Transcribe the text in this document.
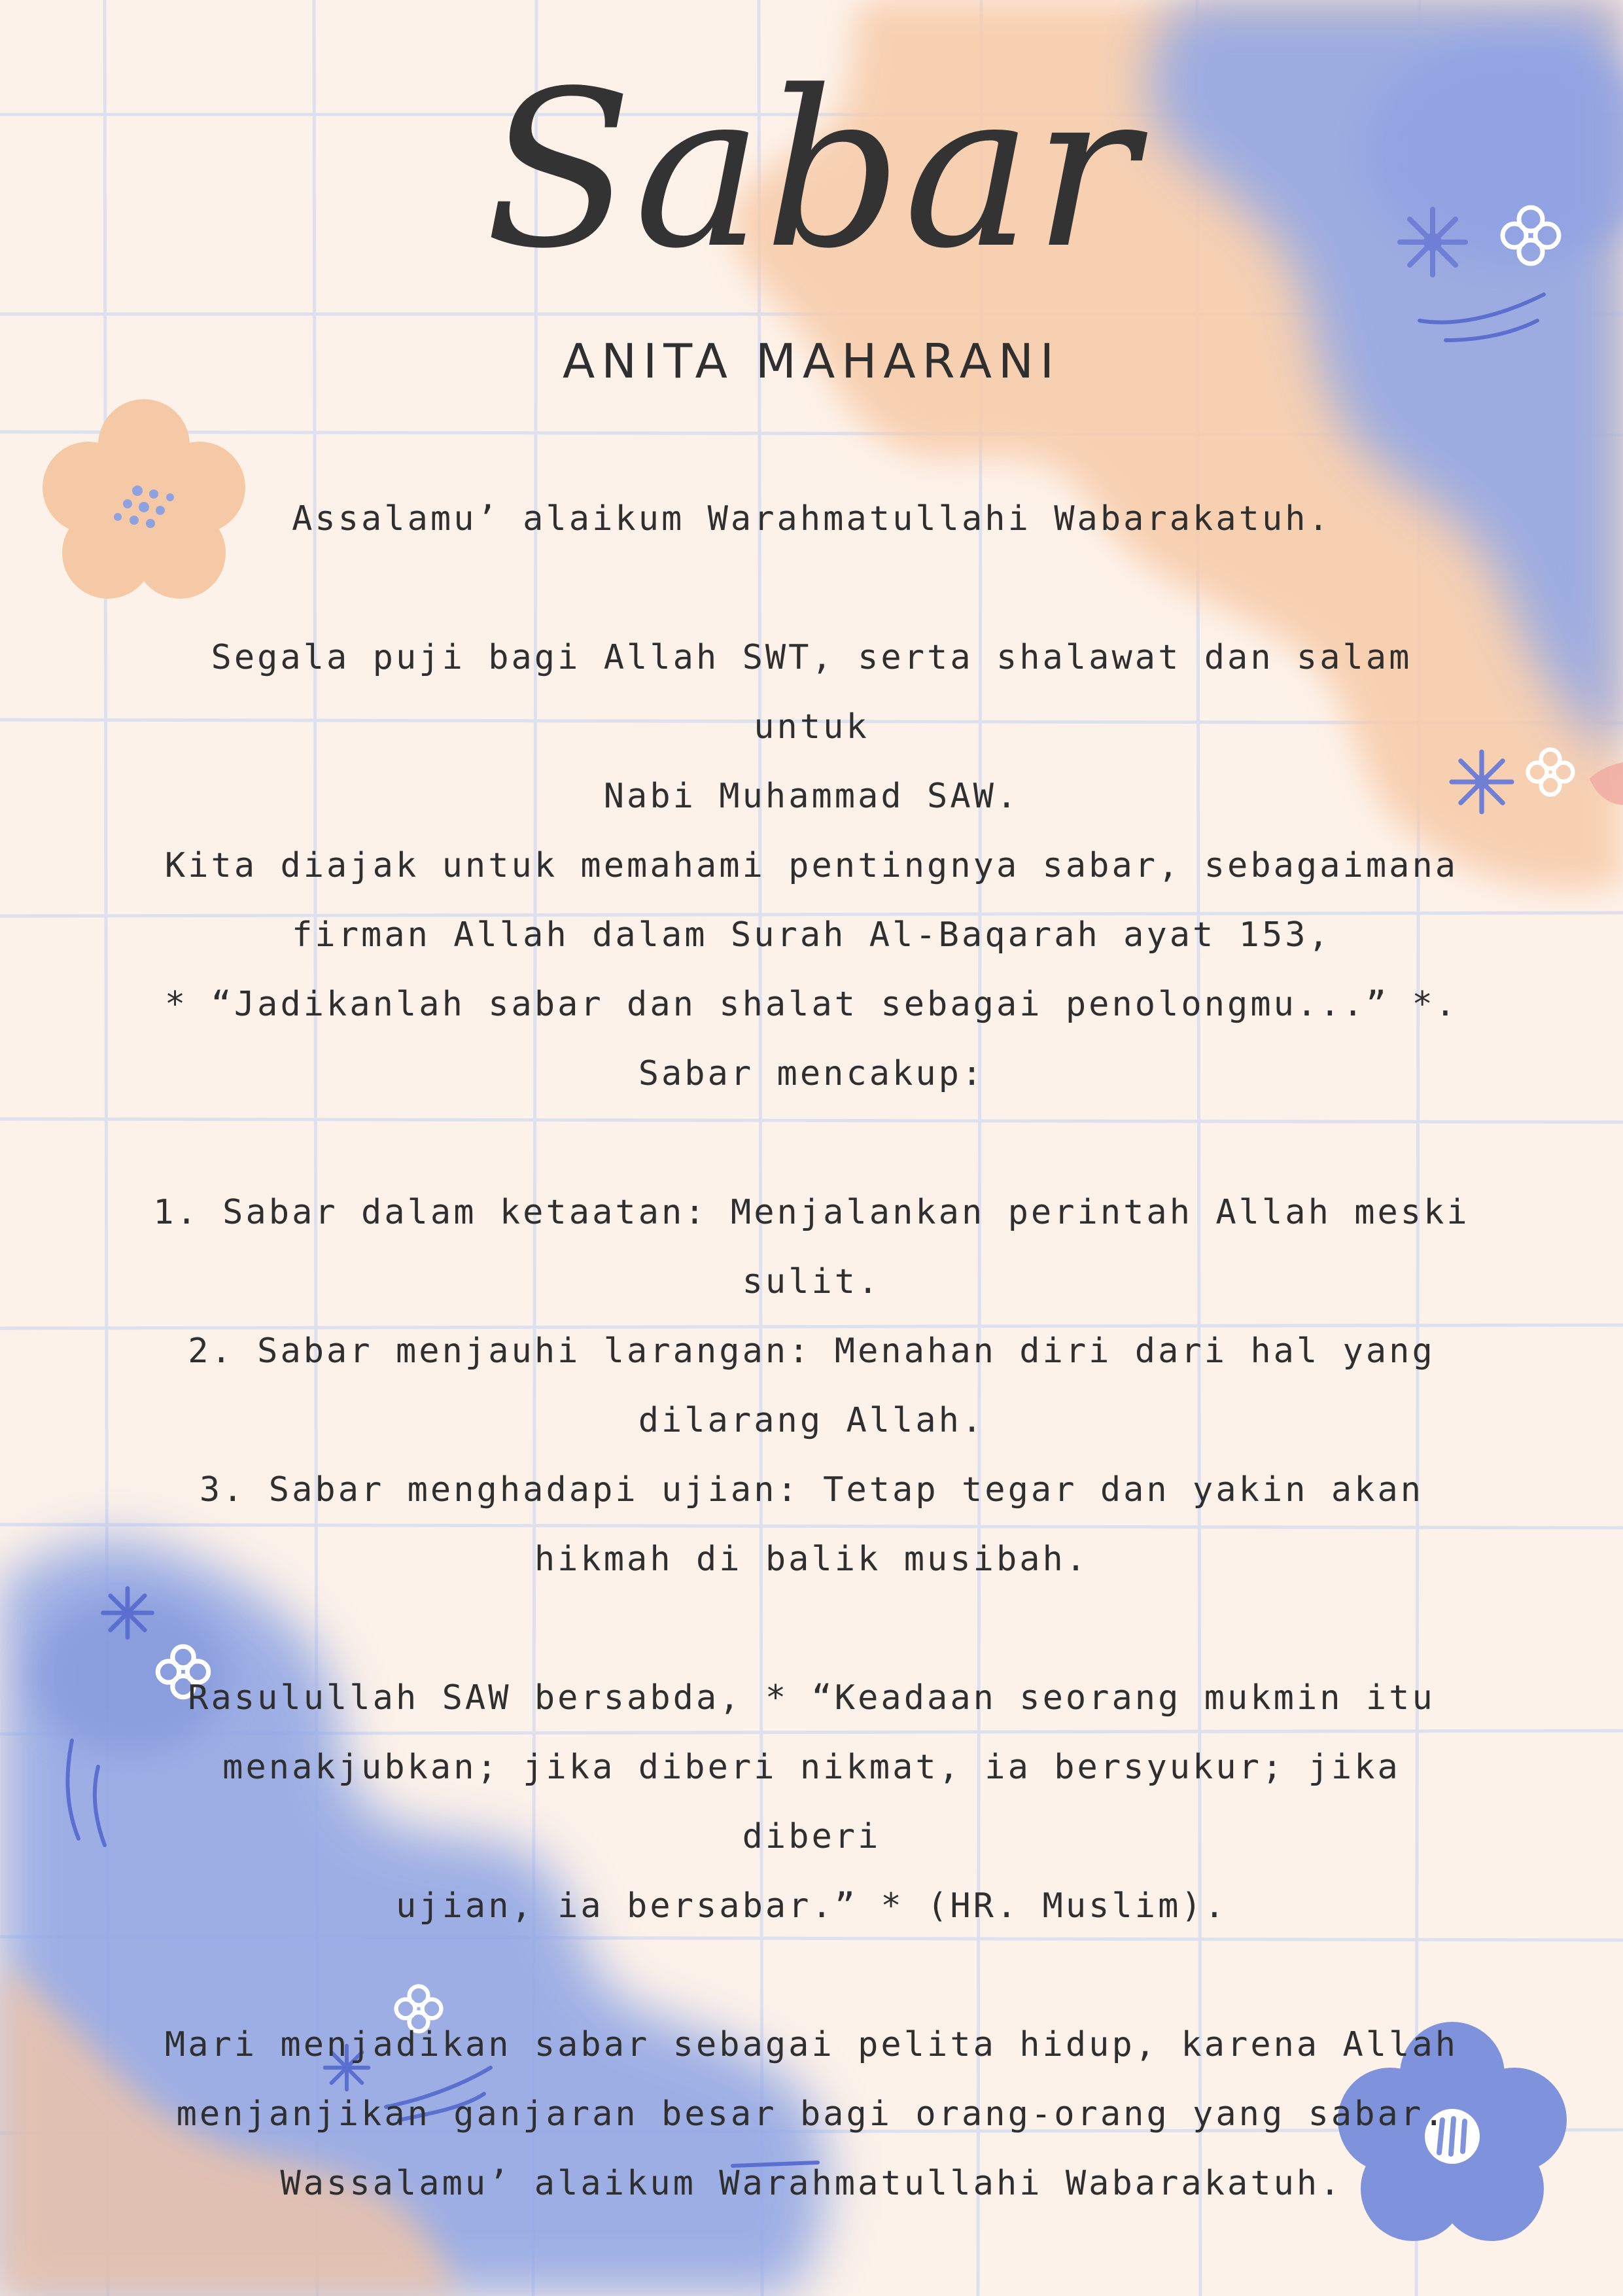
Sabar
ANITA MAHARANI

Assalamu’ alaikum Warahmatullahi Wabarakatuh.

Segala puji bagi Allah SWT, serta shalawat dan salam untuk

Nabi Muhammad SAW.

Kita diajak untuk memahami pentingnya sabar, sebagaimana

firman Allah dalam Surah Al-Baqarah ayat 153,

* “Jadikanlah sabar dan shalat sebagai penolongmu...” *.

Sabar mencakup:

1. Sabar dalam ketaatan: Menjalankan perintah Allah meski

sulit.

2. Sabar menjauhi larangan: Menahan diri dari hal yang

dilarang Allah.

3. Sabar menghadapi ujian: Tetap tegar dan yakin akan

hikmah di balik musibah.

Rasulullah SAW bersabda, * “Keadaan seorang mukmin itu

menakjubkan; jika diberi nikmat, ia bersyukur; jika diberi

ujian, ia bersabar.” * (HR. Muslim).

Mari menjadikan sabar sebagai pelita hidup, karena Allah

menjanjikan ganjaran besar bagi orang-orang yang sabar.

Wassalamu’ alaikum Warahmatullahi Wabarakatuh.
